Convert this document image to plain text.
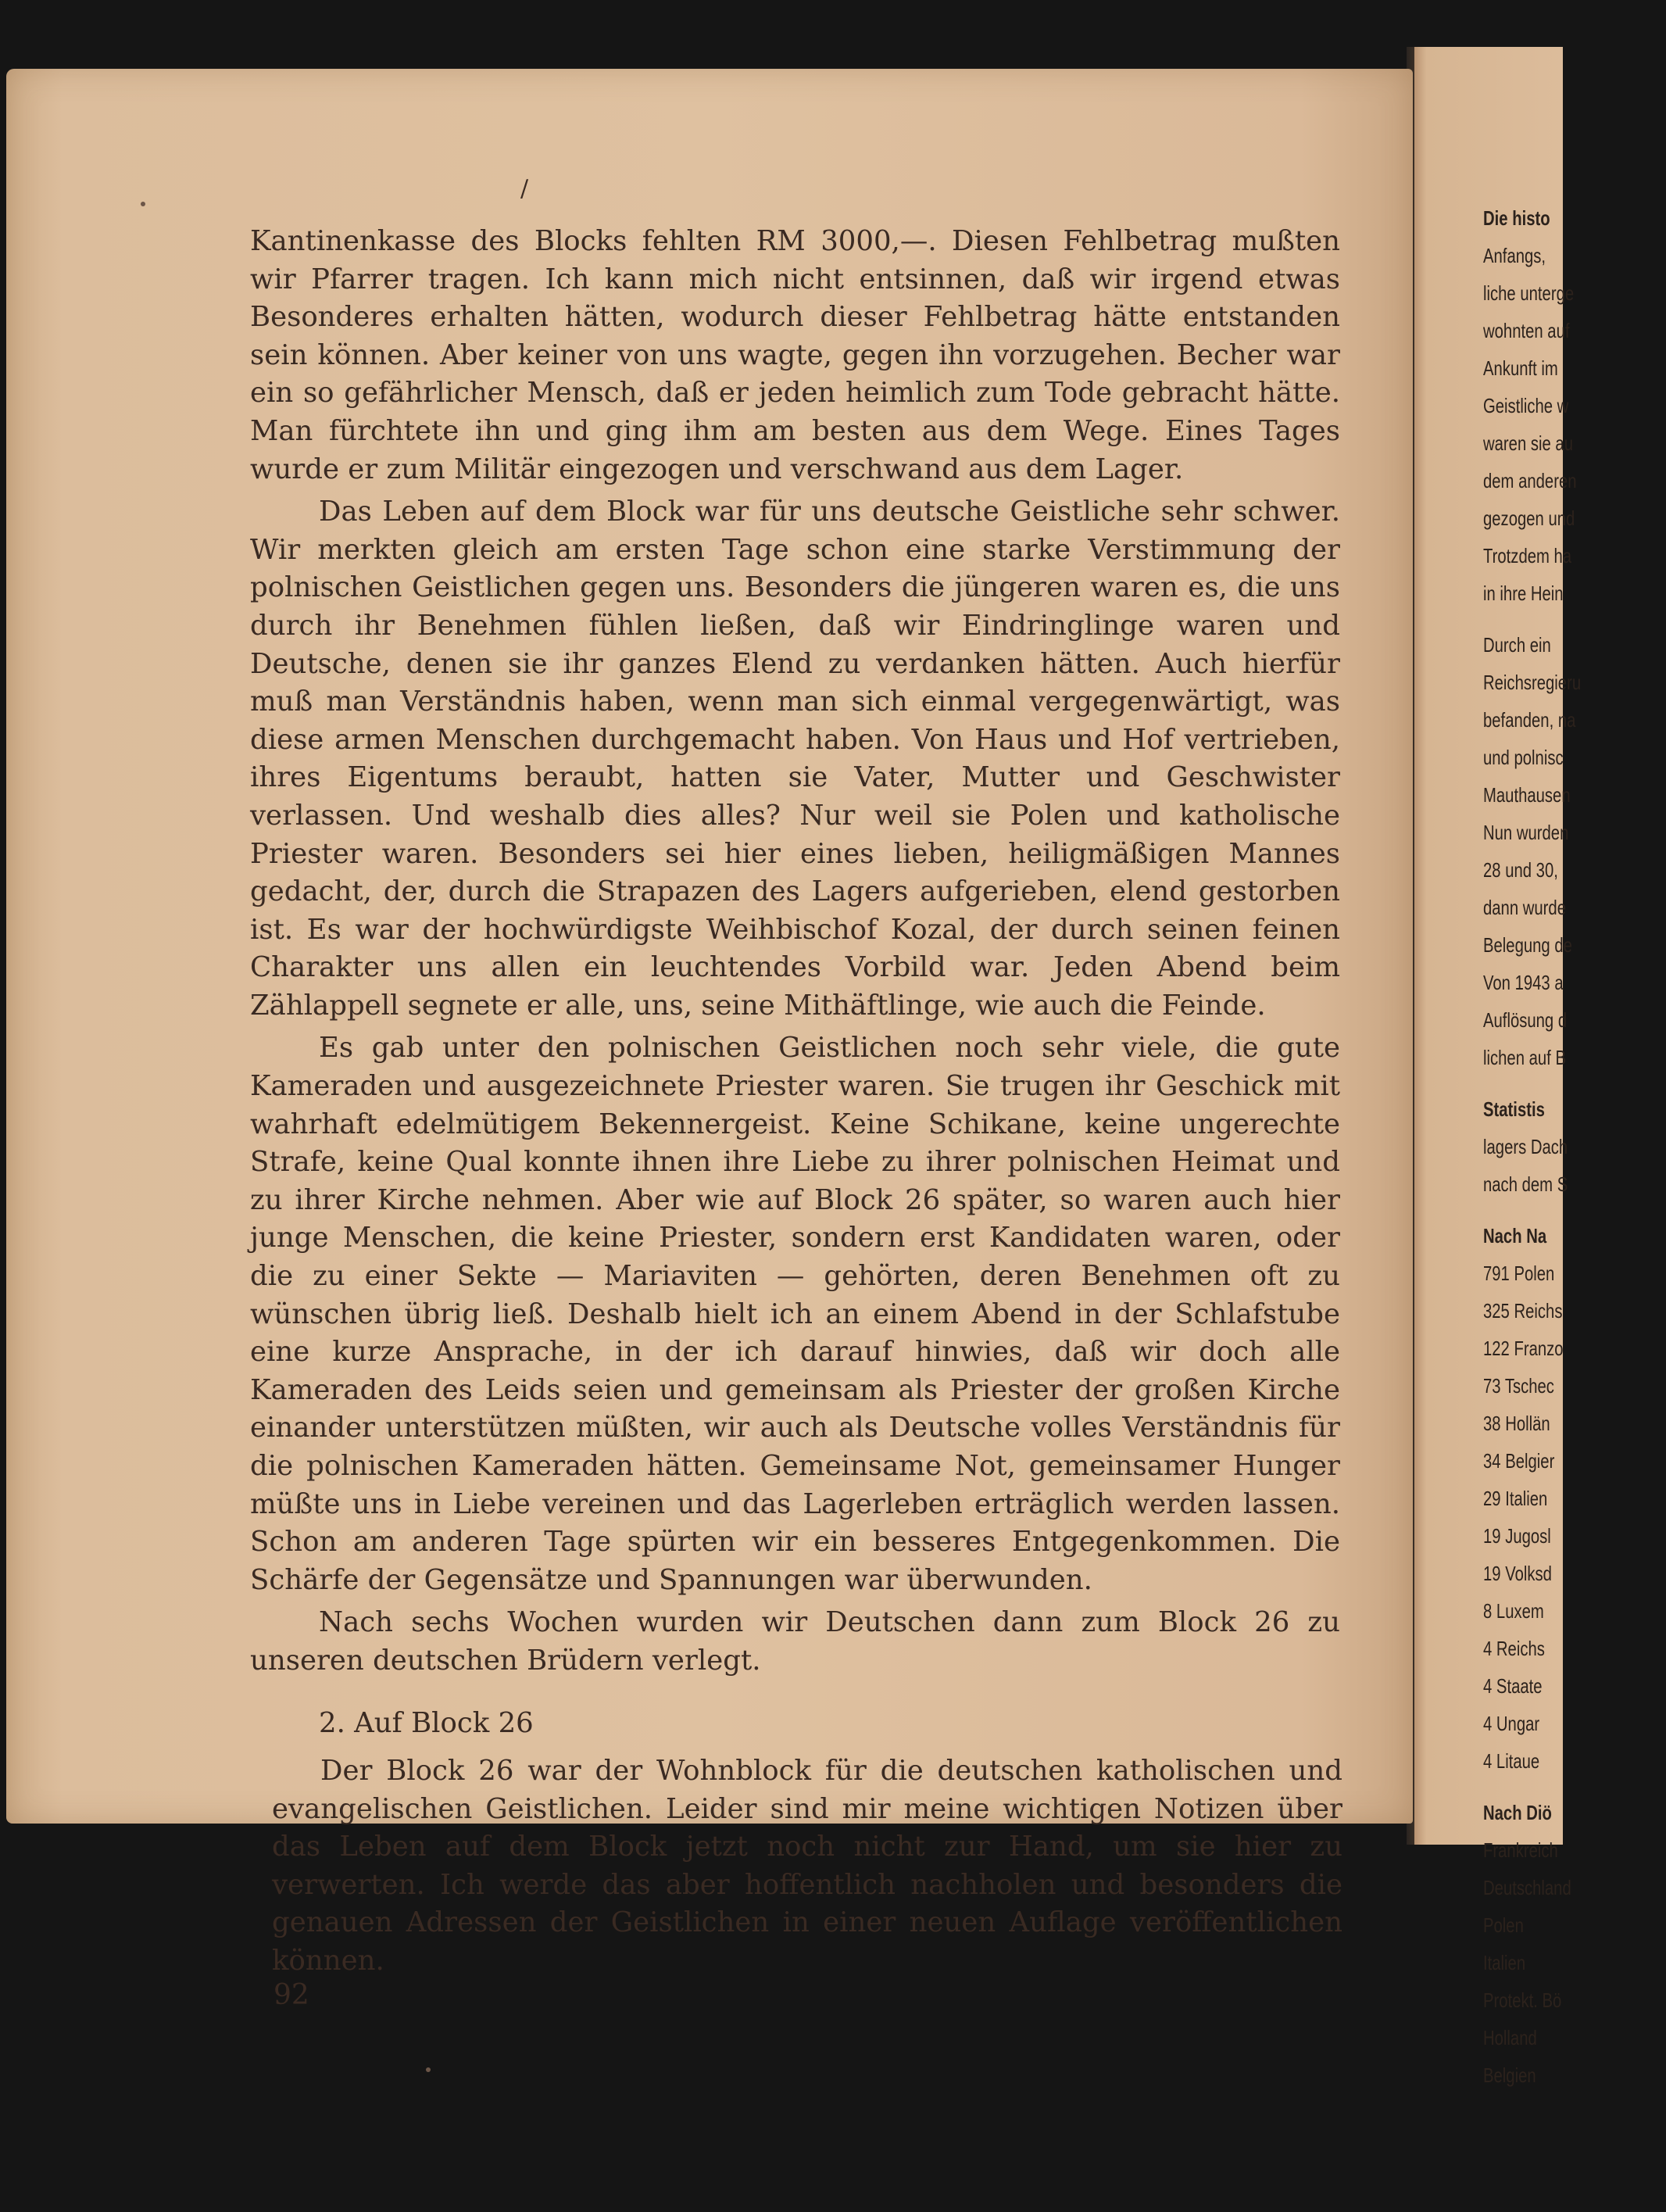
Die histo
Anfangs,
liche unterge
wohnten auf
Ankunft im
Geistliche w
waren sie au
dem anderen
gezogen und
Trotzdem ha
in ihre Hein
Durch ein
Reichsregieru
befanden, na
und polnisc
Mauthausen
Nun wurden
28 und 30,
dann wurde
Belegung de
Von 1943 a
Auflösung d
lichen auf B
Statistis
lagers Dach
nach dem S
Nach Na
791 Polen
325 Reichs
122 Franzo
73 Tschec
38 Hollän
34 Belgier
29 Italien
19 Jugosl
19 Volksd
8 Luxem
4 Reichs
4 Staate
4 Ungar
4 Litaue
Nach Diö
Frankreich
Deutschland
Polen
Italien
Protekt. Bö
Holland
Belgien
/

Kantinenkasse des Blocks fehlten RM 3000,—. Diesen Fehlbetrag mußten wir Pfarrer tragen. Ich kann mich nicht entsinnen, daß wir irgend etwas Besonderes erhalten hätten, wodurch dieser Fehlbetrag hätte entstanden sein können. Aber keiner von uns wagte, gegen ihn vorzugehen. Becher war ein so gefährlicher Mensch, daß er jeden heimlich zum Tode gebracht hätte. Man fürchtete ihn und ging ihm am besten aus dem Wege. Eines Tages wurde er zum Militär eingezogen und verschwand aus dem Lager.

Das Leben auf dem Block war für uns deutsche Geistliche sehr schwer. Wir merkten gleich am ersten Tage schon eine starke Verstimmung der polnischen Geistlichen gegen uns. Besonders die jüngeren waren es, die uns durch ihr Benehmen fühlen ließen, daß wir Eindringlinge waren und Deutsche, denen sie ihr ganzes Elend zu verdanken hätten. Auch hierfür muß man Verständnis haben, wenn man sich einmal vergegenwärtigt, was diese armen Menschen durchgemacht haben. Von Haus und Hof vertrieben, ihres Eigentums beraubt, hatten sie Vater, Mutter und Geschwister verlassen. Und weshalb dies alles? Nur weil sie Polen und katholische Priester waren. Besonders sei hier eines lieben, heiligmäßigen Mannes gedacht, der, durch die Strapazen des Lagers aufgerieben, elend gestorben ist. Es war der hochwürdigste Weihbischof Kozal, der durch seinen feinen Charakter uns allen ein leuchtendes Vorbild war. Jeden Abend beim Zählappell segnete er alle, uns, seine Mithäftlinge, wie auch die Feinde.

Es gab unter den polnischen Geistlichen noch sehr viele, die gute Kameraden und ausgezeichnete Priester waren. Sie trugen ihr Geschick mit wahrhaft edelmütigem Bekennergeist. Keine Schikane, keine ungerechte Strafe, keine Qual konnte ihnen ihre Liebe zu ihrer polnischen Heimat und zu ihrer Kirche nehmen. Aber wie auf Block 26 später, so waren auch hier junge Menschen, die keine Priester, sondern erst Kandidaten waren, oder die zu einer Sekte — Mariaviten — gehörten, deren Benehmen oft zu wünschen übrig ließ. Deshalb hielt ich an einem Abend in der Schlafstube eine kurze Ansprache, in der ich darauf hinwies, daß wir doch alle Kameraden des Leids seien und gemeinsam als Priester der großen Kirche einander unterstützen müßten, wir auch als Deutsche volles Verständnis für die polnischen Kameraden hätten. Gemeinsame Not, gemeinsamer Hunger müßte uns in Liebe vereinen und das Lagerleben erträglich werden lassen. Schon am anderen Tage spürten wir ein besseres Entgegenkommen. Die Schärfe der Gegensätze und Spannungen war überwunden.

Nach sechs Wochen wurden wir Deutschen dann zum Block 26 zu unseren deutschen Brüdern verlegt.

2. Auf Block 26

Der Block 26 war der Wohnblock für die deutschen katholischen und evangelischen Geistlichen. Leider sind mir meine wichtigen Notizen über das Leben auf dem Block jetzt noch nicht zur Hand, um sie hier zu verwerten. Ich werde das aber hoffentlich nachholen und besonders die genauen Adressen der Geistlichen in einer neuen Auflage veröffentlichen können.

92
